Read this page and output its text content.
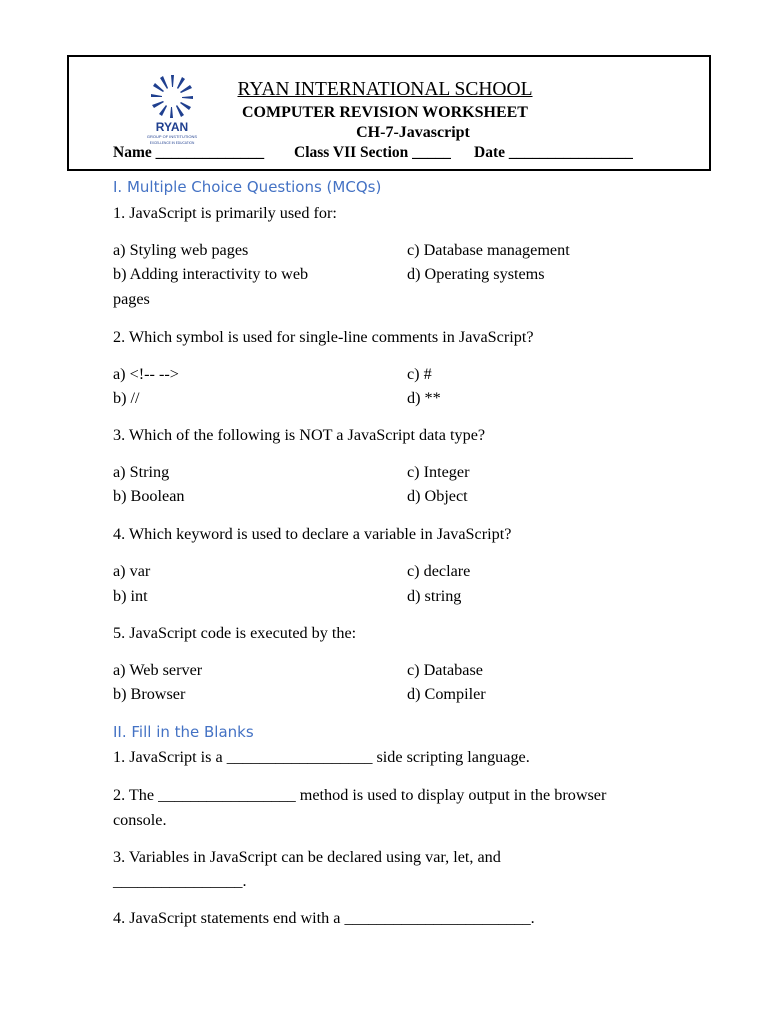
RYAN
GROUP OF INSTITUTIONS
EXCELLENCE IN EDUCATION
RYAN INTERNATIONAL SCHOOL
COMPUTER REVISION WORKSHEET
CH-7-Javascript
Name ______________ Class VII Section _____ Date ________________
I. Multiple Choice Questions (MCQs)
1. JavaScript is primarily used for:
a) Styling web pages	c) Database management
b) Adding interactivity to web	d) Operating systems
pages
2. Which symbol is used for single-line comments in JavaScript?
a) <!-- -->	c) #
b) //	d) **
3. Which of the following is NOT a JavaScript data type?
a) String	c) Integer
b) Boolean	d) Object
4. Which keyword is used to declare a variable in JavaScript?
a) var	c) declare
b) int	d) string
5. JavaScript code is executed by the:
a) Web server	c) Database
b) Browser	d) Compiler
II. Fill in the Blanks
1. JavaScript is a __________________ side scripting language.
2. The _________________ method is used to display output in the browser
console.
3. Variables in JavaScript can be declared using var, let, and
________________.
4. JavaScript statements end with a _______________________.
